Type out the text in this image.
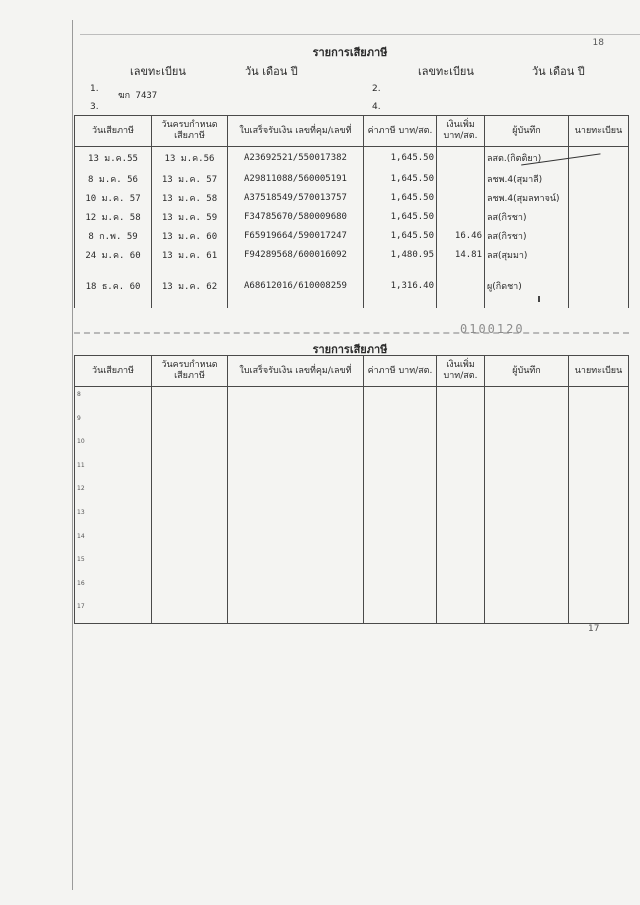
18
รายการเสียภาษี
เลขทะเบียน	วัน เดือน ปี	เลขทะเบียน	วัน เดือน ปี
1.	2.
3.	4.
ฆก 7437
วันเสียภาษี	วันครบกำหนด เสียภาษี	ใบเสร็จรับเงิน เลขที่คุม/เลขที่	ค่าภาษี บาท/สต.	เงินเพิ่ม บาท/สต.	ผู้บันทึก	นายทะเบียน
13 ม.ค.55	13 ม.ค.56	A23692521/550017382	1,645.50		ลสต.(กิตติยา)	
8 ม.ค. 56	13 ม.ค. 57	A29811088/560005191	1,645.50		ลชพ.4(สุมาลี)	
10 ม.ค. 57	13 ม.ค. 58	A37518549/570013757	1,645.50		ลชพ.4(สุมลทาจน์)	
12 ม.ค. 58	13 ม.ค. 59	F34785670/580009680	1,645.50		ลส(กิรชา)	
8 ก.พ. 59	13 ม.ค. 60	F65919664/590017247	1,645.50	16.46	ลส(กิรชา)	
24 ม.ค. 60	13 ม.ค. 61	F94289568/600016092	1,480.95	14.81	ลส(สุมมา)	
18 ธ.ค. 60	13 ม.ค. 62	A68612016/610008259	1,316.40		ผู(กิดชา)	
0100120
รายการเสียภาษี
วันเสียภาษี	วันครบกำหนด เสียภาษี	ใบเสร็จรับเงิน เลขที่คุม/เลขที่	ค่าภาษี บาท/สต.	เงินเพิ่ม บาท/สต.	ผู้บันทึก	นายทะเบียน
8						
9						
10						
11						
12						
13						
14						
15						
16						
17						
17
